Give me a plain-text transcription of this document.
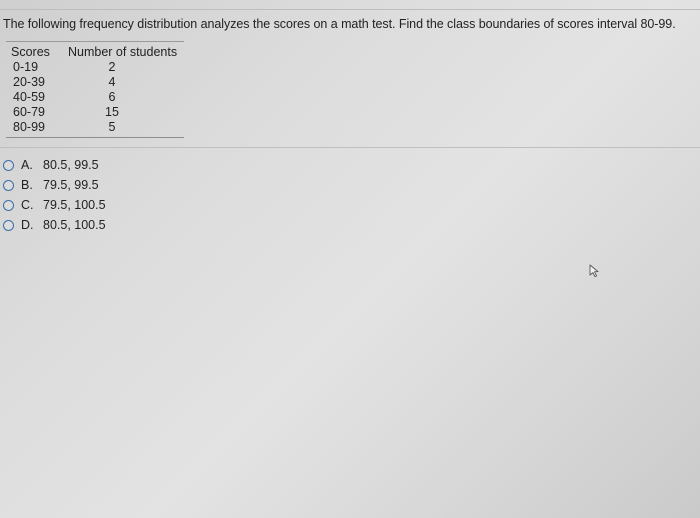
The following frequency distribution analyzes the scores on a math test. Find the class boundaries of scores interval 80-99.
Scores Number of students
0-19	2
20-39	4
40-59	6
60-79	15
80-99	5
A. 80.5, 99.5
B. 79.5, 99.5
C. 79.5, 100.5
D. 80.5, 100.5
